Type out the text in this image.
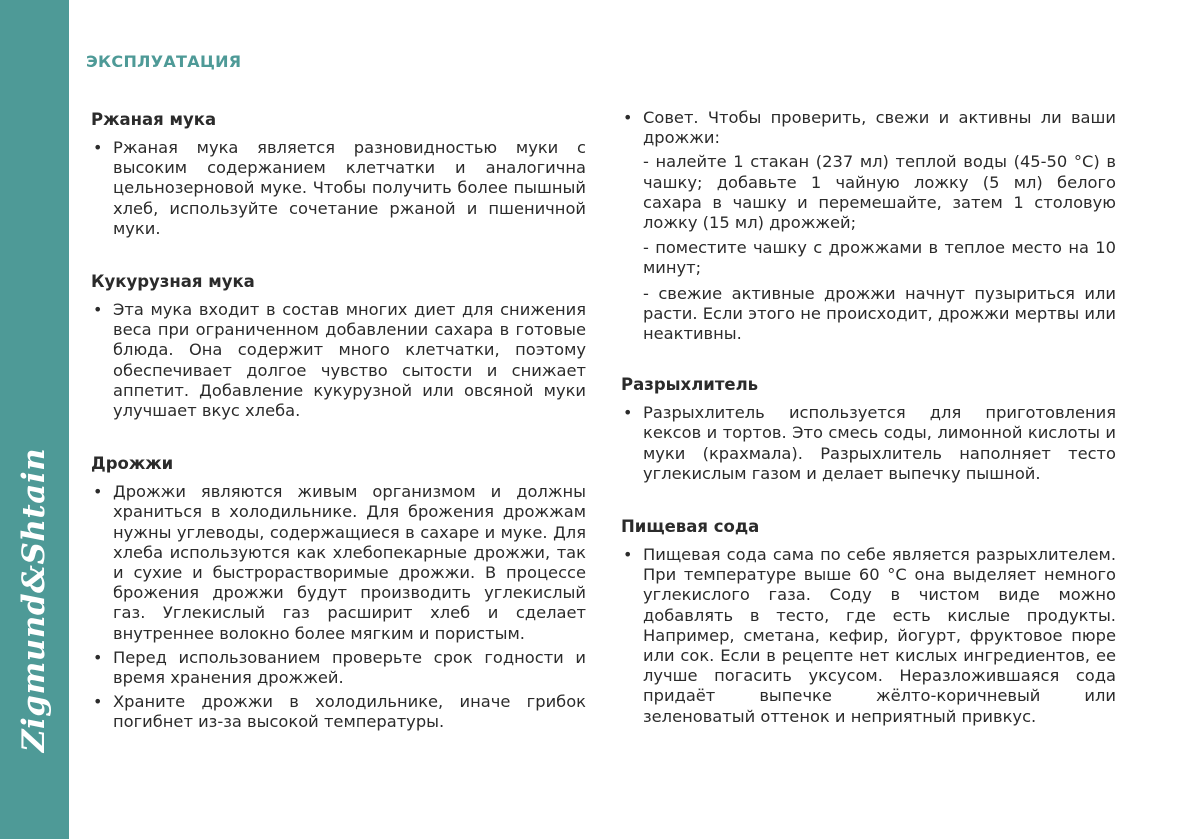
Zigmund&Shtain
ЭКСПЛУАТАЦИЯ
Ржаная мука
• Ржаная мука является разновидностью муки с высоким содержанием клетчатки и аналогична цельнозерновой муке. Чтобы получить более пышный хлеб, используйте сочетание ржаной и пшеничной муки.
Кукурузная мука
• Эта мука входит в состав многих диет для снижения веса при ограниченном добавлении сахара в готовые блюда. Она содержит много клетчатки, поэтому обеспечивает долгое чувство сытости и снижает аппетит. Добавление кукурузной или овсяной муки улучшает вкус хлеба.
Дрожжи
• Дрожжи являются живым организмом и должны храниться в холодильнике. Для брожения дрожжам нужны углеводы, содержащиеся в сахаре и муке. Для хлеба используются как хлебопекарные дрожжи, так и сухие и быстрорастворимые дрожжи. В процессе брожения дрожжи будут производить углекислый газ. Углекислый газ расширит хлеб и сделает внутреннее волокно более мягким и пористым.
• Перед использованием проверьте срок годности и время хранения дрожжей.
• Храните дрожжи в холодильнике, иначе грибок погибнет из-за высокой температуры.
• Совет. Чтобы проверить, свежи и активны ли ваши дрожжи:

- налейте 1 стакан (237 мл) теплой воды (45-50 °C) в чашку; добавьте 1 чайную ложку (5 мл) белого сахара в чашку и перемешайте, затем 1 столовую ложку (15 мл) дрожжей;

- поместите чашку с дрожжами в теплое место на 10 минут;

- свежие активные дрожжи начнут пузыриться или расти. Если этого не происходит, дрожжи мертвы или неактивны.

Разрыхлитель
• Разрыхлитель используется для приготовления кексов и тортов. Это смесь соды, лимонной кислоты и муки (крахмала). Разрыхлитель наполняет тесто углекислым газом и делает выпечку пышной.
Пищевая сода
• Пищевая сода сама по себе является разрыхлителем. При температуре выше 60 °C она выделяет немного углекислого газа. Соду в чистом виде можно добавлять в тесто, где есть кислые продукты. Например, сметана, кефир, йогурт, фруктовое пюре или сок. Если в рецепте нет кислых ингредиентов, ее лучше погасить уксусом. Неразложившаяся сода придаёт выпечке жёлто-коричневый или зеленоватый оттенок и неприятный привкус.
